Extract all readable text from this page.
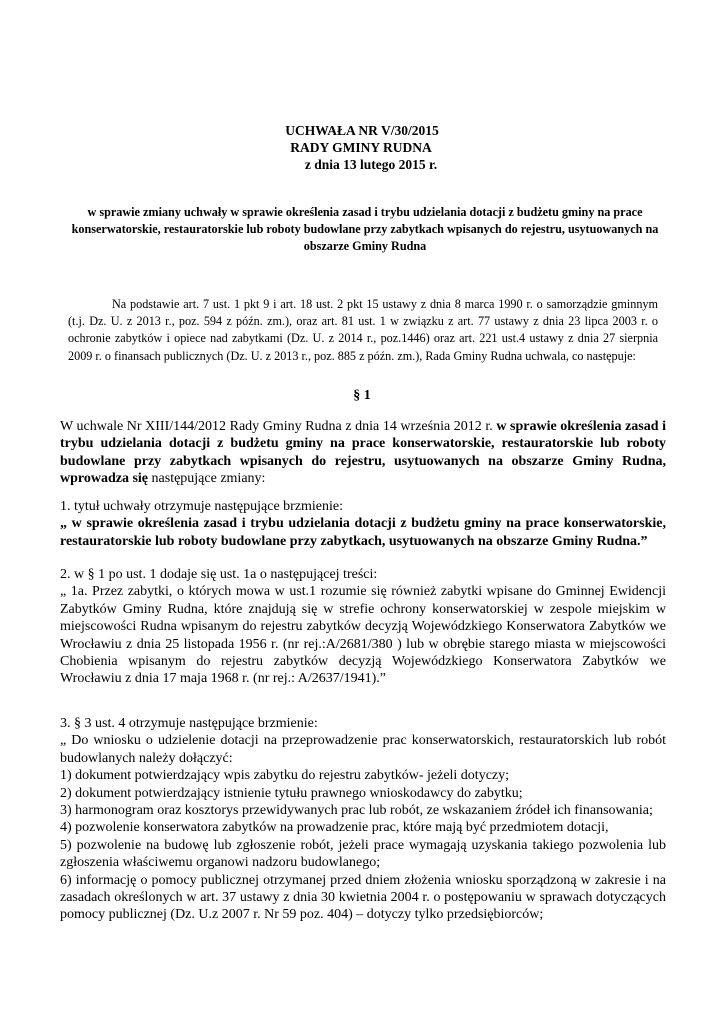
UCHWAŁA NR V/30/2015
RADY GMINY RUDNA
z dnia 13 lutego 2015 r.
w sprawie zmiany uchwały w sprawie określenia zasad i trybu udzielania dotacji z budżetu gminy na prace konserwatorskie, restauratorskie lub roboty budowlane przy zabytkach wpisanych do rejestru, usytuowanych na obszarze Gminy Rudna
Na podstawie art. 7 ust. 1 pkt 9 i art. 18 ust. 2 pkt 15 ustawy z dnia 8 marca 1990 r. o samorządzie gminnym (t.j. Dz. U. z 2013 r., poz. 594 z późn. zm.), oraz art. 81 ust. 1 w związku z art. 77 ustawy z dnia 23 lipca 2003 r. o ochronie zabytków i opiece nad zabytkami (Dz. U. z 2014 r., poz.1446) oraz art. 221 ust.4 ustawy z dnia 27 sierpnia 2009 r. o finansach publicznych (Dz. U. z 2013 r., poz. 885 z późn. zm.), Rada Gminy Rudna uchwala, co następuje:
§ 1
W uchwale Nr XIII/144/2012 Rady Gminy Rudna z dnia 14 września 2012 r. w sprawie określenia zasad i trybu udzielania dotacji z budżetu gminy na prace konserwatorskie, restauratorskie lub roboty budowlane przy zabytkach wpisanych do rejestru, usytuowanych na obszarze Gminy Rudna, wprowadza się następujące zmiany:
1. tytuł uchwały otrzymuje następujące brzmienie:
„ w sprawie określenia zasad i trybu udzielania dotacji z budżetu gminy na prace konserwatorskie, restauratorskie lub roboty budowlane przy zabytkach, usytuowanych na obszarze Gminy Rudna.”
2. w § 1 po ust. 1 dodaje się ust. 1a o następującej treści:
„ 1a. Przez zabytki, o których mowa w ust.1 rozumie się również zabytki wpisane do Gminnej Ewidencji Zabytków Gminy Rudna, które znajdują się w strefie ochrony konserwatorskiej w zespole miejskim w miejscowości Rudna wpisanym do rejestru zabytków decyzją Wojewódzkiego Konserwatora Zabytków we Wrocławiu z dnia 25 listopada 1956 r. (nr rej.:A/2681/380 ) lub w obrębie starego miasta w miejscowości Chobienia wpisanym do rejestru zabytków decyzją Wojewódzkiego Konserwatora Zabytków we Wrocławiu z dnia 17 maja 1968 r. (nr rej.: A/2637/1941).”
3. § 3 ust. 4 otrzymuje następujące brzmienie:
„ Do wniosku o udzielenie dotacji na przeprowadzenie prac konserwatorskich, restauratorskich lub robót budowlanych należy dołączyć:
1) dokument potwierdzający wpis zabytku do rejestru zabytków- jeżeli dotyczy;
2) dokument potwierdzający istnienie tytułu prawnego wnioskodawcy do zabytku;
3) harmonogram oraz kosztorys przewidywanych prac lub robót, ze wskazaniem źródeł ich finansowania;
4) pozwolenie konserwatora zabytków na prowadzenie prac, które mają być przedmiotem dotacji,
5) pozwolenie na budowę lub zgłoszenie robót, jeżeli prace wymagają uzyskania takiego pozwolenia lub zgłoszenia właściwemu organowi nadzoru budowlanego;
6) informację o pomocy publicznej otrzymanej przed dniem złożenia wniosku sporządzoną w zakresie i na zasadach określonych w art. 37 ustawy z dnia 30 kwietnia 2004 r. o postępowaniu w sprawach dotyczących pomocy publicznej (Dz. U.z 2007 r. Nr 59 poz. 404) – dotyczy tylko przedsiębiorców;
